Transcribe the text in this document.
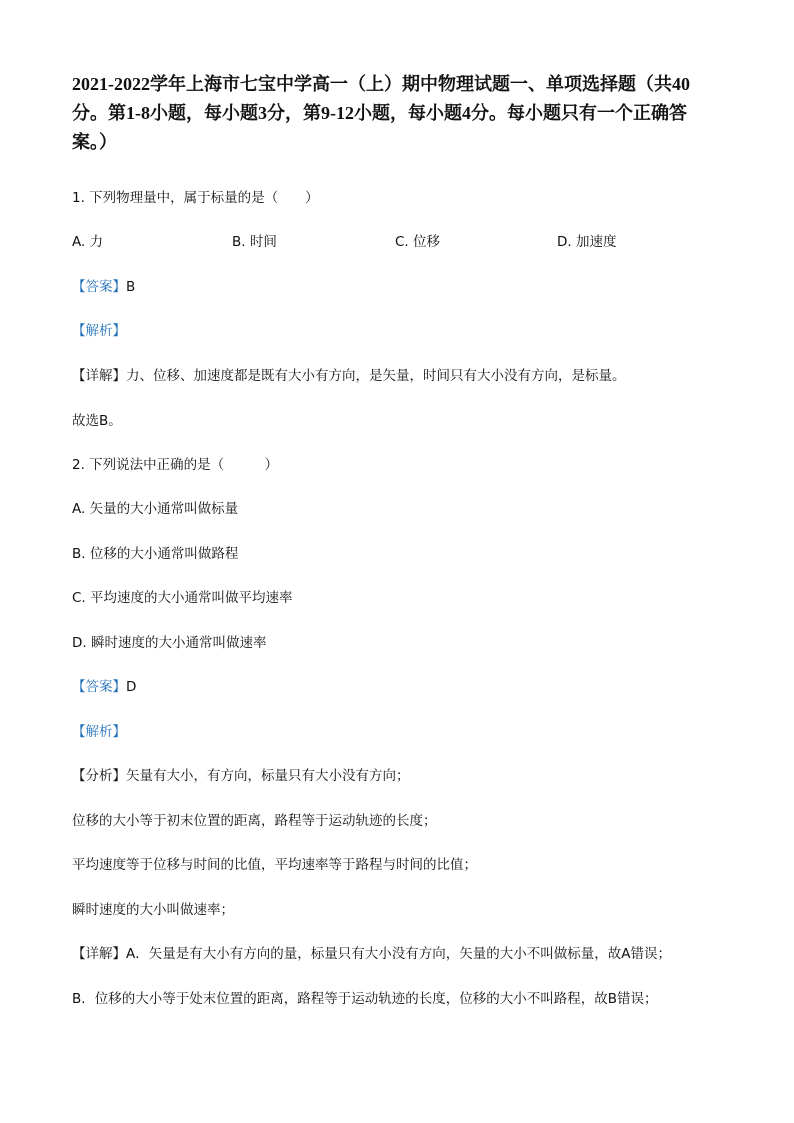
2021-2022学年上海市七宝中学高一（上）期中物理试题一、单项选择题（共40分。第1-8小题，每小题3分，第9-12小题，每小题4分。每小题只有一个正确答案。）
1. 下列物理量中，属于标量的是（　　）
A. 力	B. 时间	C. 位移	D. 加速度
【答案】B
【解析】
【详解】力、位移、加速度都是既有大小有方向，是矢量，时间只有大小没有方向，是标量。
故选B。
2. 下列说法中正确的是（　　　）
A. 矢量的大小通常叫做标量
B. 位移的大小通常叫做路程
C. 平均速度的大小通常叫做平均速率
D. 瞬时速度的大小通常叫做速率
【答案】D
【解析】
【分析】矢量有大小，有方向，标量只有大小没有方向；
位移的大小等于初末位置的距离，路程等于运动轨迹的长度；
平均速度等于位移与时间的比值，平均速率等于路程与时间的比值；
瞬时速度的大小叫做速率；
【详解】A．矢量是有大小有方向的量，标量只有大小没有方向，矢量的大小不叫做标量，故A错误；
B．位移的大小等于处末位置的距离，路程等于运动轨迹的长度，位移的大小不叫路程，故B错误；
